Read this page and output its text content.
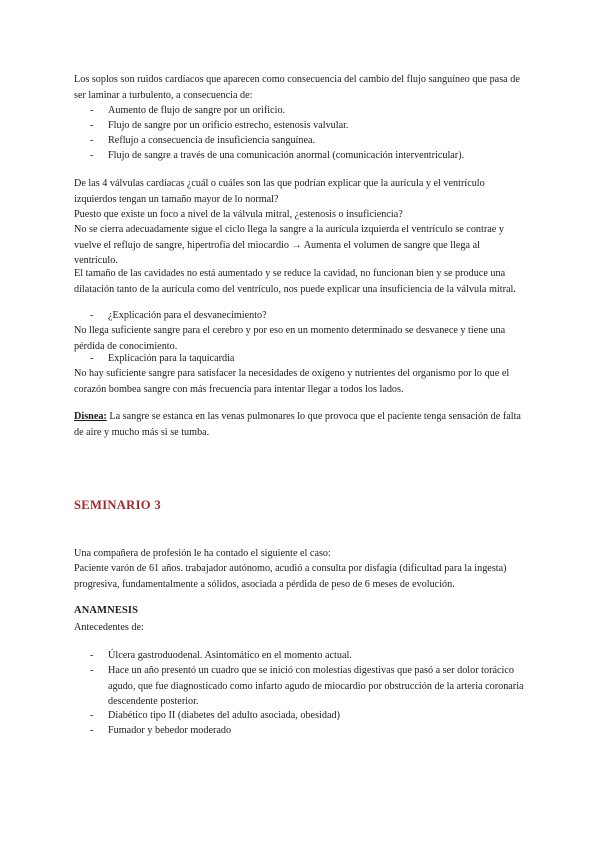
Los soplos son ruidos cardíacos que aparecen como consecuencia del cambio del flujo sanguíneo que pasa de ser laminar a turbulento, a consecuencia de:

- Aumento de flujo de sangre por un orificio.
- Flujo de sangre por un orificio estrecho, estenosis valvular.
- Reflujo a consecuencia de insuficiencia sanguínea.
- Flujo de sangre a través de una comunicación anormal (comunicación interventricular).

De las 4 válvulas cardíacas ¿cuál o cuáles son las que podrían explicar que la aurícula y el ventrículo izquierdos tengan un tamaño mayor de lo normal?

Puesto que existe un foco a nivel de la válvula mitral, ¿estenosis o insuficiencia?

No se cierra adecuadamente sigue el ciclo llega la sangre a la aurícula izquierda el ventrículo se contrae y vuelve el reflujo de sangre, hipertrofia del miocardio → Aumenta el volumen de sangre que llega al ventrículo.

El tamaño de las cavidades no está aumentado y se reduce la cavidad, no funcionan bien y se produce una dilatación tanto de la aurícula como del ventrículo, nos puede explicar una insuficiencia de la válvula mitral.

- ¿Explicación para el desvanecimiento?

No llega suficiente sangre para el cerebro y por eso en un momento determinado se desvanece y tiene una pérdida de conocimiento.

- Explicación para la taquicardia

No hay suficiente sangre para satisfacer la necesidades de oxígeno y nutrientes del organismo por lo que el corazón bombea sangre con más frecuencia para intentar llegar a todos los lados.

Disnea: La sangre se estanca en las venas pulmonares lo que provoca que el paciente tenga sensación de falta de aire y mucho más si se tumba.

SEMINARIO 3

Una compañera de profesión le ha contado el siguiente el caso:

Paciente varón de 61 años. trabajador autónomo, acudió a consulta por disfagia (dificultad para la ingesta) progresiva, fundamentalmente a sólidos, asociada a pérdida de peso de 6 meses de evolución.

ANAMNESIS

Antecedentes de:

- Úlcera gastroduodenal. Asintomático en el momento actual.
- Hace un año presentó un cuadro que se inició con molestias digestivas que pasó a ser dolor torácico agudo, que fue diagnosticado como infarto agudo de miocardio por obstrucción de la arteria coronaria descendente posterior.
- Diabético tipo II (diabetes del adulto asociada, obesidad)
- Fumador y bebedor moderado
